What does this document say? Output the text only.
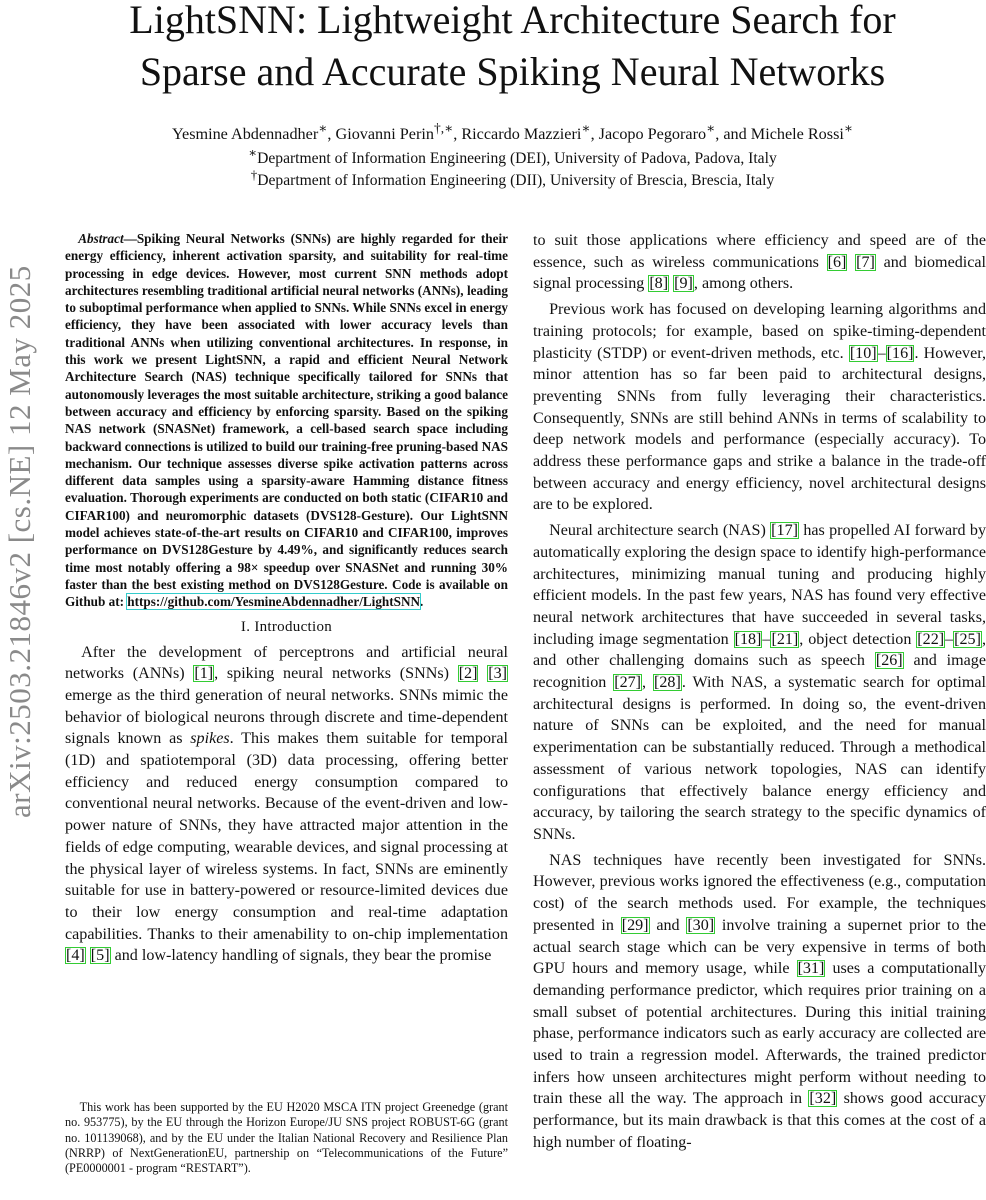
arXiv:2503.21846v2 [cs.NE] 12 May 2025
LightSNN: Lightweight Architecture Search for
Sparse and Accurate Spiking Neural Networks
Yesmine Abdennadher∗, Giovanni Perin†,∗, Riccardo Mazzieri∗, Jacopo Pegoraro∗, and Michele Rossi∗
∗Department of Information Engineering (DEI), University of Padova, Padova, Italy
†Department of Information Engineering (DII), University of Brescia, Brescia, Italy

Abstract—Spiking Neural Networks (SNNs) are highly regarded for their energy efficiency, inherent activation sparsity, and suitability for real-time processing in edge devices. However, most current SNN methods adopt architectures resembling traditional artificial neural networks (ANNs), leading to suboptimal performance when applied to SNNs. While SNNs excel in energy efficiency, they have been associated with lower accuracy levels than traditional ANNs when utilizing conventional architectures. In response, in this work we present LightSNN, a rapid and efficient Neural Network Architecture Search (NAS) technique specifically tailored for SNNs that autonomously leverages the most suitable architecture, striking a good balance between accuracy and efficiency by enforcing sparsity. Based on the spiking NAS network (SNASNet) framework, a cell-based search space including backward connections is utilized to build our training-free pruning-based NAS mechanism. Our technique assesses diverse spike activation patterns across different data samples using a sparsity-aware Hamming distance fitness evaluation. Thorough experiments are conducted on both static (CIFAR10 and CIFAR100) and neuromorphic datasets (DVS128-Gesture). Our LightSNN model achieves state-of-the-art results on CIFAR10 and CIFAR100, improves performance on DVS128Gesture by 4.49%, and significantly reduces search time most notably offering a 98× speedup over SNASNet and running 30% faster than the best existing method on DVS128Gesture. Code is available on Github at: https://github.com/YesmineAbdennadher/LightSNN.

I. Introduction

After the development of perceptrons and artificial neural networks (ANNs) [1], spiking neural networks (SNNs) [2] [3] emerge as the third generation of neural networks. SNNs mimic the behavior of biological neurons through discrete and time-dependent signals known as spikes. This makes them suitable for temporal (1D) and spatiotemporal (3D) data processing, offering better efficiency and reduced energy consumption compared to conventional neural networks. Because of the event-driven and low-power nature of SNNs, they have attracted major attention in the fields of edge computing, wearable devices, and signal processing at the physical layer of wireless systems. In fact, SNNs are eminently suitable for use in battery-powered or resource-limited devices due to their low energy consumption and real-time adaptation capabilities. Thanks to their amenability to on-chip implementation [4] [5] and low-latency handling of signals, they bear the promise

to suit those applications where efficiency and speed are of the essence, such as wireless communications [6] [7] and biomedical signal processing [8] [9], among others.

Previous work has focused on developing learning algorithms and training protocols; for example, based on spike-timing-dependent plasticity (STDP) or event-driven methods, etc. [10]–[16]. However, minor attention has so far been paid to architectural designs, preventing SNNs from fully leveraging their characteristics. Consequently, SNNs are still behind ANNs in terms of scalability to deep network models and performance (especially accuracy). To address these performance gaps and strike a balance in the trade-off between accuracy and energy efficiency, novel architectural designs are to be explored.

Neural architecture search (NAS) [17] has propelled AI forward by automatically exploring the design space to identify high-performance architectures, minimizing manual tuning and producing highly efficient models. In the past few years, NAS has found very effective neural network architectures that have succeeded in several tasks, including image segmentation [18]–[21], object detection [22]–[25], and other challenging domains such as speech [26] and image recognition [27], [28]. With NAS, a systematic search for optimal architectural designs is performed. In doing so, the event-driven nature of SNNs can be exploited, and the need for manual experimentation can be substantially reduced. Through a methodical assessment of various network topologies, NAS can identify configurations that effectively balance energy efficiency and accuracy, by tailoring the search strategy to the specific dynamics of SNNs.

NAS techniques have recently been investigated for SNNs. However, previous works ignored the effectiveness (e.g., computation cost) of the search methods used. For example, the techniques presented in [29] and [30] involve training a supernet prior to the actual search stage which can be very expensive in terms of both GPU hours and memory usage, while [31] uses a computationally demanding performance predictor, which requires prior training on a small subset of potential architectures. During this initial training phase, performance indicators such as early accuracy are collected are used to train a regression model. Afterwards, the trained predictor infers how unseen architectures might perform without needing to train these all the way. The approach in [32] shows good accuracy performance, but its main drawback is that this comes at the cost of a high number of floating-

This work has been supported by the EU H2020 MSCA ITN project Greenedge (grant no. 953775), by the EU through the Horizon Europe/JU SNS project ROBUST-6G (grant no. 101139068), and by the EU under the Italian National Recovery and Resilience Plan (NRRP) of NextGenerationEU, partnership on “Telecommunications of the Future” (PE0000001 - program “RESTART”).
